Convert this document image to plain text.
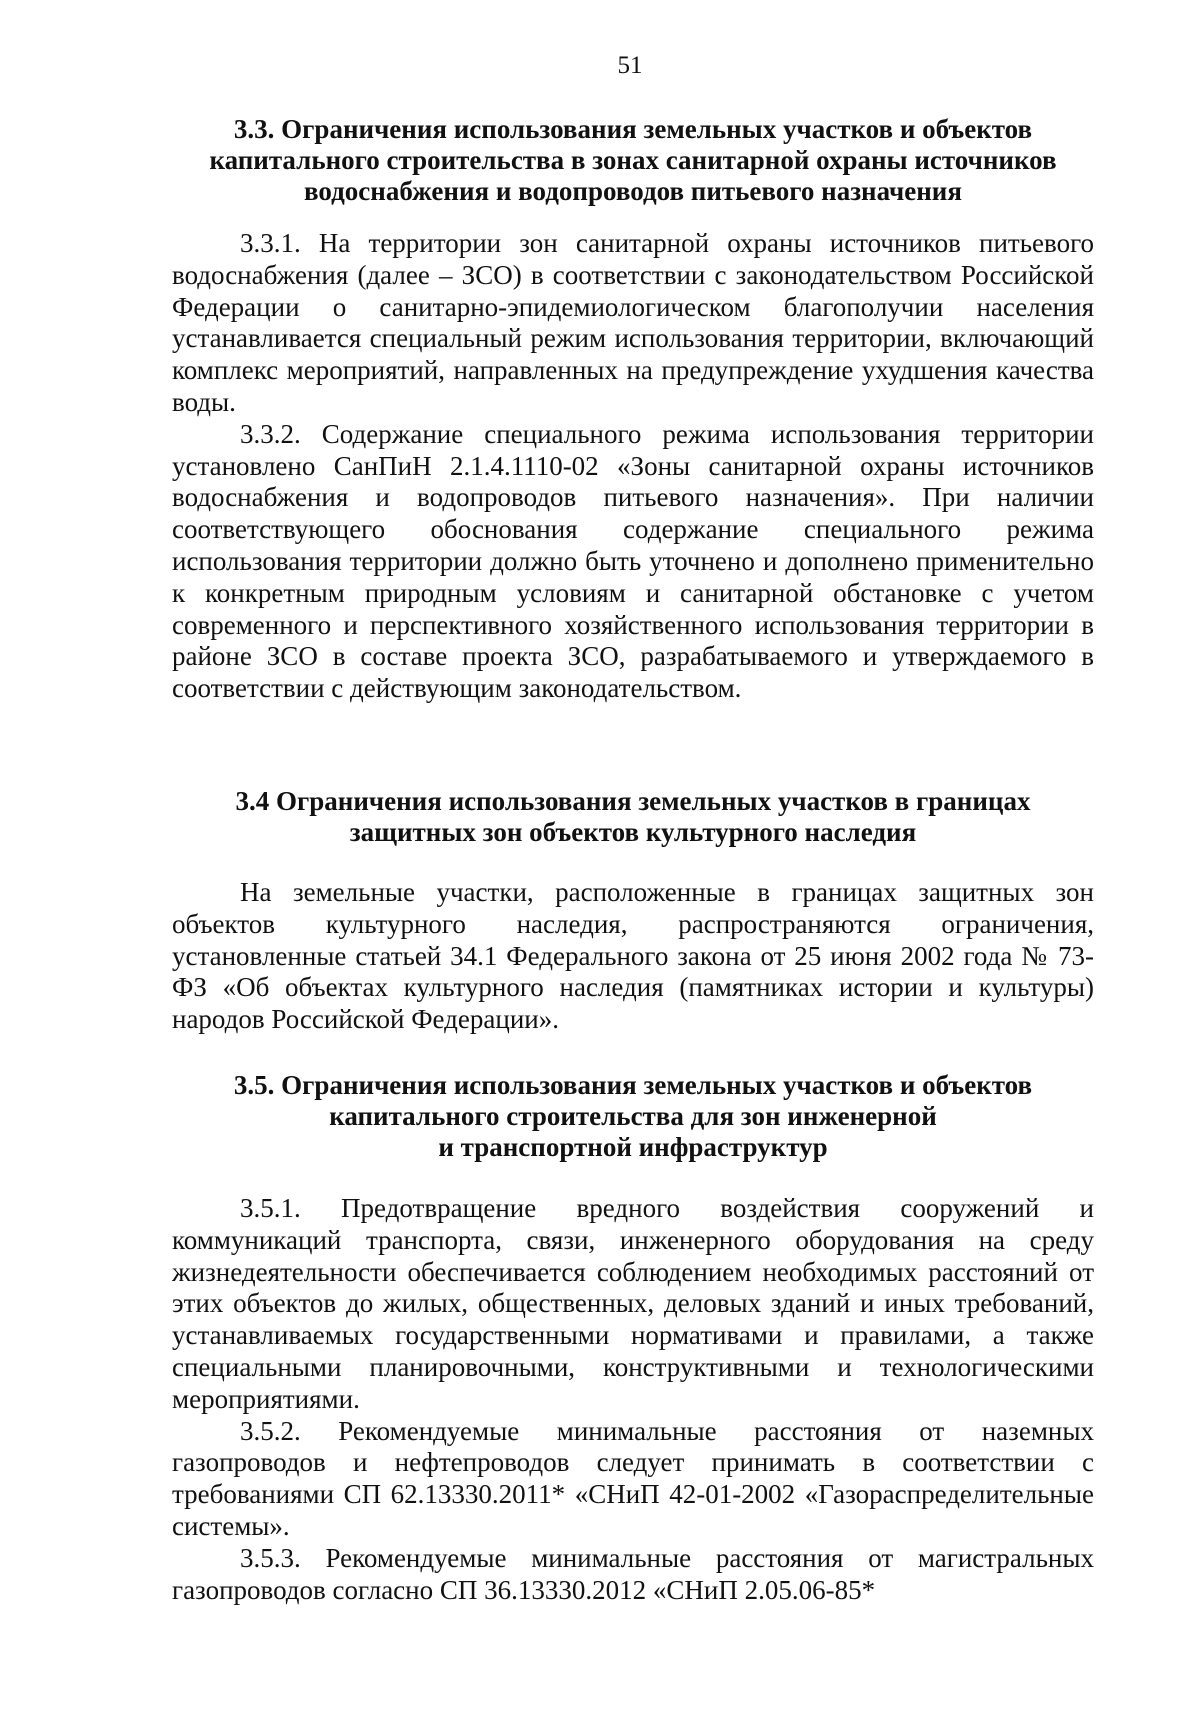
51
3.3. Ограничения использования земельных участков и объектов
капитального строительства в зонах санитарной охраны источников
водоснабжения и водопроводов питьевого назначения

3.3.1. На территории зон санитарной охраны источников питьевого водоснабжения (далее – ЗСО) в соответствии с законодательством Российской Федерации о санитарно-эпидемиологическом благополучии населения устанавливается специальный режим использования территории, включающий комплекс мероприятий, направленных на предупреждение ухудшения качества воды.

3.3.2. Содержание специального режима использования территории установлено СанПиН 2.1.4.1110-02 «Зоны санитарной охраны источников водоснабжения и водопроводов питьевого назначения». При наличии соответствующего обоснования содержание специального режима использования территории должно быть уточнено и дополнено применительно к конкретным природным условиям и санитарной обстановке с учетом современного и перспективного хозяйственного использования территории в районе ЗСО в составе проекта ЗСО, разрабатываемого и утверждаемого в соответствии с действующим законодательством.

3.4 Ограничения использования земельных участков в границах
защитных зон объектов культурного наследия

На земельные участки, расположенные в границах защитных зон объектов культурного наследия, распространяются ограничения, установленные статьей 34.1 Федерального закона от 25 июня 2002 года № 73-ФЗ «Об объектах культурного наследия (памятниках истории и культуры) народов Российской Федерации».

3.5. Ограничения использования земельных участков и объектов
капитального строительства для зон инженерной
и транспортной инфраструктур

3.5.1. Предотвращение вредного воздействия сооружений и коммуникаций транспорта, связи, инженерного оборудования на среду жизнедеятельности обеспечивается соблюдением необходимых расстояний от этих объектов до жилых, общественных, деловых зданий и иных требований, устанавливаемых государственными нормативами и правилами, а также специальными планировочными, конструктивными и технологическими мероприятиями.

3.5.2. Рекомендуемые минимальные расстояния от наземных газопроводов и нефтепроводов следует принимать в соответствии с требованиями СП 62.13330.2011* «СНиП 42-01-2002 «Газораспределительные системы».

3.5.3. Рекомендуемые минимальные расстояния от магистральных газопроводов согласно СП 36.13330.2012 «СНиП 2.05.06-85*
